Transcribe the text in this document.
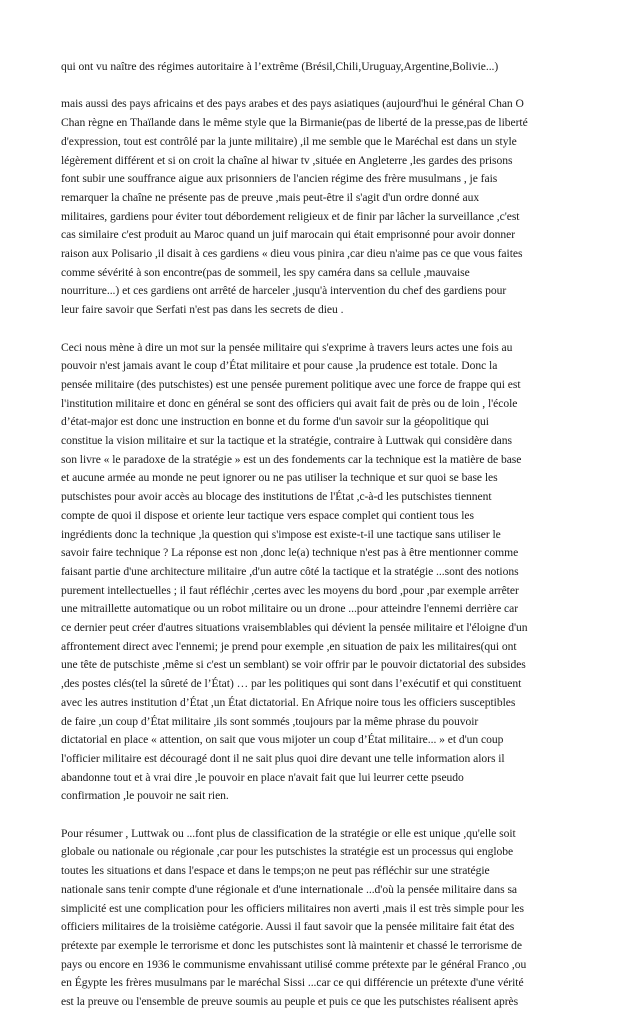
qui ont vu naître des régimes autoritaire à l’extrême (Brésil,Chili,Uruguay,Argentine,Bolivie...)

mais aussi des pays africains et des pays arabes et des pays asiatiques (aujourd'hui le général Chan O
Chan règne en Thaïlande dans le même style que la Birmanie(pas de liberté de la presse,pas de liberté
d'expression, tout est contrôlé par la junte militaire) ,il me semble que le Maréchal est dans un style
légèrement différent et si on croit la chaîne al hiwar tv ,située en Angleterre ,les gardes des prisons
font subir une souffrance aigue aux prisonniers de l'ancien régime des frère musulmans , je fais
remarquer la chaîne ne présente pas de preuve ,mais peut-être il s'agit d'un ordre donné aux
militaires, gardiens pour éviter tout débordement religieux et de finir par lâcher la surveillance ,c'est
cas similaire c'est produit au Maroc quand un juif marocain qui était emprisonné pour avoir donner
raison aux Polisario ,il disait à ces gardiens « dieu vous pinira ,car dieu n'aime pas ce que vous faites
comme sévérité à son encontre(pas de sommeil, les spy caméra dans sa cellule ,mauvaise
nourriture...) et ces gardiens ont arrêté de harceler ,jusqu'à intervention du chef des gardiens pour
leur faire savoir que Serfati n'est pas dans les secrets de dieu .

Ceci nous mène à dire un mot sur la pensée militaire qui s'exprime à travers leurs actes une fois au
pouvoir n'est jamais avant le coup d’État militaire et pour cause ,la prudence est totale. Donc la
pensée militaire (des putschistes) est une pensée purement politique avec une force de frappe qui est
l'institution militaire et donc en général se sont des officiers qui avait fait de près ou de loin , l'école
d’état-major est donc une instruction en bonne et du forme d'un savoir sur la géopolitique qui
constitue la vision militaire et sur la tactique et la stratégie, contraire à Luttwak qui considère dans
son livre « le paradoxe de la stratégie » est un des fondements car la technique est la matière de base
et aucune armée au monde ne peut ignorer ou ne pas utiliser la technique et sur quoi se base les
putschistes pour avoir accès au blocage des institutions de l'État ,c-à-d les putschistes tiennent
compte de quoi il dispose et oriente leur tactique vers espace complet qui contient tous les
ingrédients donc la technique ,la question qui s'impose est existe-t-il une tactique sans utiliser le
savoir faire technique ? La réponse est non ,donc le(a) technique n'est pas à être mentionner comme
faisant partie d'une architecture militaire ,d'un autre côté la tactique et la stratégie ...sont des notions
purement intellectuelles ; il faut réfléchir ,certes avec les moyens du bord ,pour ,par exemple arrêter
une mitraillette automatique ou un robot militaire ou un drone ...pour atteindre l'ennemi derrière car
ce dernier peut créer d'autres situations vraisemblables qui dévient la pensée militaire et l'éloigne d'un
affrontement direct avec l'ennemi; je prend pour exemple ,en situation de paix les militaires(qui ont
une tête de putschiste ,même si c'est un semblant) se voir offrir par le pouvoir dictatorial des subsides
,des postes clés(tel la sûreté de l’État) … par les politiques qui sont dans l’exécutif et qui constituent
avec les autres institution d’État ,un État dictatorial. En Afrique noire tous les officiers susceptibles
de faire ,un coup d’État militaire ,ils sont sommés ,toujours par la même phrase du pouvoir
dictatorial en place « attention, on sait que vous mijoter un coup d’État militaire... » et d'un coup
l'officier militaire est découragé dont il ne sait plus quoi dire devant une telle information alors il
abandonne tout et à vrai dire ,le pouvoir en place n'avait fait que lui leurrer cette pseudo
confirmation ,le pouvoir ne sait rien.

Pour résumer , Luttwak ou ...font plus de classification de la stratégie or elle est unique ,qu'elle soit
globale ou nationale ou régionale ,car pour les putschistes la stratégie est un processus qui englobe
toutes les situations et dans l'espace et dans le temps;on ne peut pas réfléchir sur une stratégie
nationale sans tenir compte d'une régionale et d'une internationale ...d'où la pensée militaire dans sa
simplicité est une complication pour les officiers militaires non averti ,mais il est très simple pour les
officiers militaires de la troisième catégorie. Aussi il faut savoir que la pensée militaire fait état des
prétexte par exemple le terrorisme et donc les putschistes sont là maintenir et chassé le terrorisme de
pays ou encore en 1936 le communisme envahissant utilisé comme prétexte par le général Franco ,ou
en Égypte les frères musulmans par le maréchal Sissi ...car ce qui différencie un prétexte d'une vérité
est la preuve ou l'ensemble de preuve soumis au peuple et puis ce que les putschistes réalisent après
